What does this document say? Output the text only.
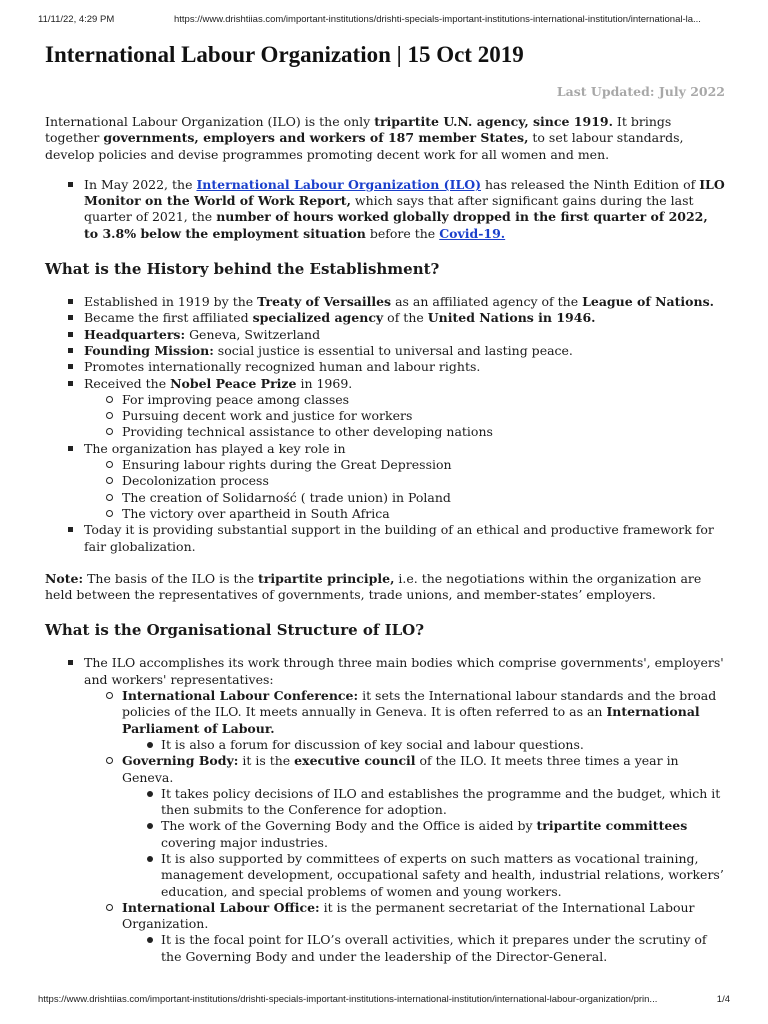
11/11/22, 4:29 PM	https://www.drishtiias.com/important-institutions/drishti-specials-important-institutions-international-institution/international-la...
International Labour Organization | 15 Oct 2019
Last Updated: July 2022

International Labour Organization (ILO) is the only tripartite U.N. agency, since 1919. It brings together governments, employers and workers of 187 member States, to set labour standards, develop policies and devise programmes promoting decent work for all women and men.

In May 2022, the International Labour Organization (ILO) has released the Ninth Edition of ILO Monitor on the World of Work Report, which says that after significant gains during the last quarter of 2021, the number of hours worked globally dropped in the first quarter of 2022, to 3.8% below the employment situation before the Covid-19.
What is the History behind the Establishment?
Established in 1919 by the Treaty of Versailles as an affiliated agency of the League of Nations.
Became the first affiliated specialized agency of the United Nations in 1946.
Headquarters: Geneva, Switzerland
Founding Mission: social justice is essential to universal and lasting peace.
Promotes internationally recognized human and labour rights.
Received the Nobel Peace Prize in 1969.
For improving peace among classes
Pursuing decent work and justice for workers
Providing technical assistance to other developing nations
The organization has played a key role in
Ensuring labour rights during the Great Depression
Decolonization process
The creation of Solidarność ( trade union) in Poland
The victory over apartheid in South Africa
Today it is providing substantial support in the building of an ethical and productive framework for fair globalization.

Note: The basis of the ILO is the tripartite principle, i.e. the negotiations within the organization are held between the representatives of governments, trade unions, and member-states’ employers.

What is the Organisational Structure of ILO?
The ILO accomplishes its work through three main bodies which comprise governments', employers' and workers' representatives:
International Labour Conference: it sets the International labour standards and the broad policies of the ILO. It meets annually in Geneva. It is often referred to as an International Parliament of Labour.
It is also a forum for discussion of key social and labour questions.
Governing Body: it is the executive council of the ILO. It meets three times a year in Geneva.
It takes policy decisions of ILO and establishes the programme and the budget, which it then submits to the Conference for adoption.
The work of the Governing Body and the Office is aided by tripartite committees covering major industries.
It is also supported by committees of experts on such matters as vocational training, management development, occupational safety and health, industrial relations, workers’ education, and special problems of women and young workers.
International Labour Office: it is the permanent secretariat of the International Labour Organization.
It is the focal point for ILO’s overall activities, which it prepares under the scrutiny of the Governing Body and under the leadership of the Director-General.
https://www.drishtiias.com/important-institutions/drishti-specials-important-institutions-international-institution/international-labour-organization/prin...	1/4
